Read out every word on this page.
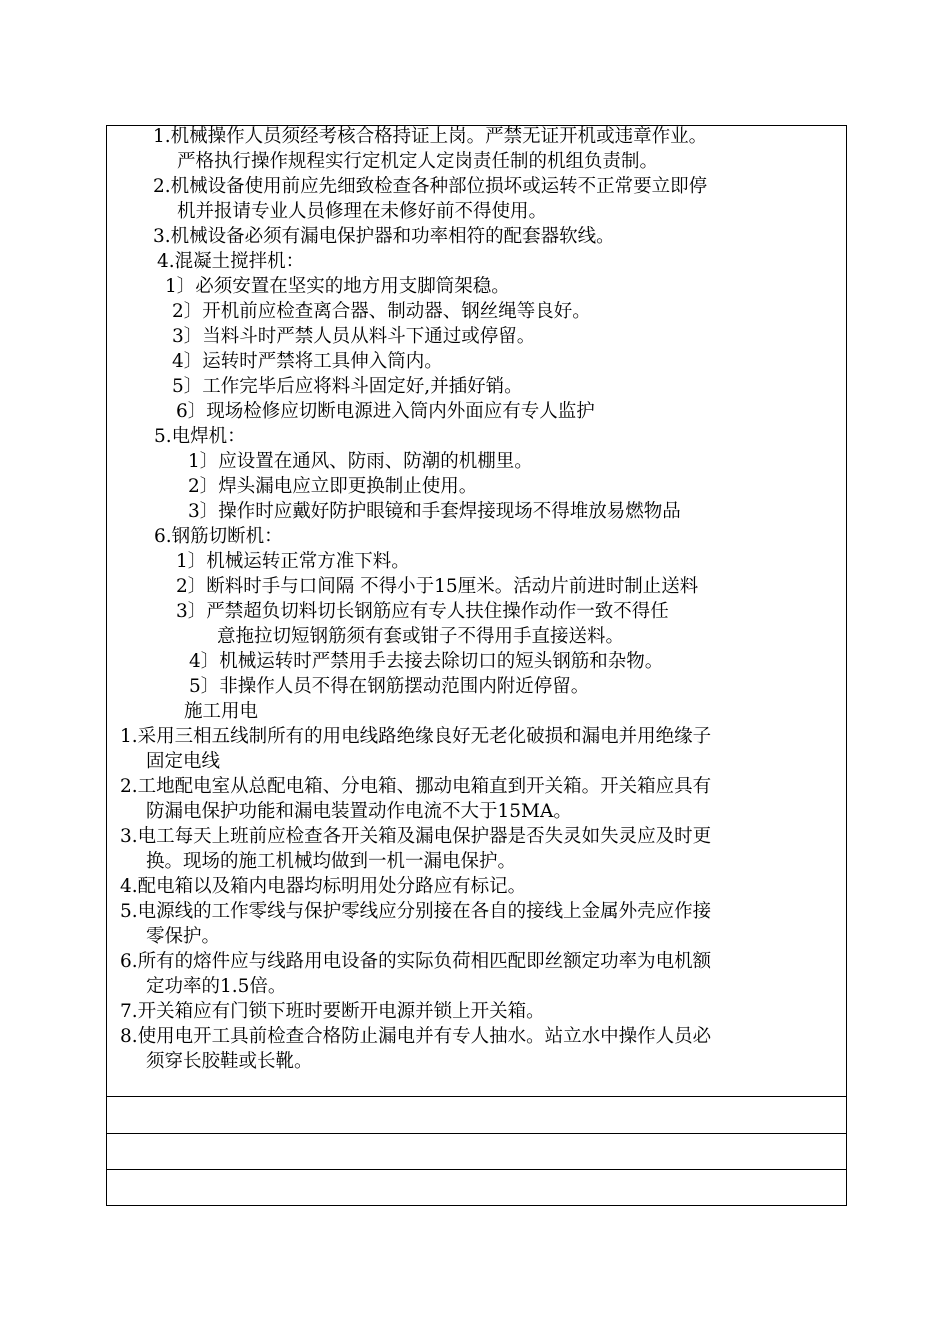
1.机械操作人员须经考核合格持证上岗。严禁无证开机或违章作业。
严格执行操作规程实行定机定人定岗责任制的机组负责制。
2.机械设备使用前应先细致检查各种部位损坏或运转不正常要立即停
机并报请专业人员修理在未修好前不得使用。
3.机械设备必须有漏电保护器和功率相符的配套器软线。
4.混凝土搅拌机：
1〕必须安置在坚实的地方用支脚筒架稳。
2〕开机前应检查离合器、制动器、钢丝绳等良好。
3〕当料斗时严禁人员从料斗下通过或停留。
4〕运转时严禁将工具伸入筒内。
5〕工作完毕后应将料斗固定好,并插好销。
6〕现场检修应切断电源进入筒内外面应有专人监护
5.电焊机：
1〕应设置在通风、防雨、防潮的机棚里。
2〕焊头漏电应立即更换制止使用。
3〕操作时应戴好防护眼镜和手套焊接现场不得堆放易燃物品
6.钢筋切断机：
1〕机械运转正常方准下料。
2〕断料时手与口间隔 不得小于15厘米。活动片前进时制止送料
3〕严禁超负切料切长钢筋应有专人扶住操作动作一致不得任
意拖拉切短钢筋须有套或钳子不得用手直接送料。
4〕机械运转时严禁用手去接去除切口的短头钢筋和杂物。
5〕非操作人员不得在钢筋摆动范围内附近停留。
施工用电
1.采用三相五线制所有的用电线路绝缘良好无老化破损和漏电并用绝缘子
固定电线
2.工地配电室从总配电箱、分电箱、挪动电箱直到开关箱。开关箱应具有
防漏电保护功能和漏电装置动作电流不大于15MA。
3.电工每天上班前应检查各开关箱及漏电保护器是否失灵如失灵应及时更
换。现场的施工机械均做到一机一漏电保护。
4.配电箱以及箱内电器均标明用处分路应有标记。
5.电源线的工作零线与保护零线应分别接在各自的接线上金属外壳应作接
零保护。
6.所有的熔件应与线路用电设备的实际负荷相匹配即丝额定功率为电机额
定功率的1.5倍。
7.开关箱应有门锁下班时要断开电源并锁上开关箱。
8.使用电开工具前检查合格防止漏电并有专人抽水。站立水中操作人员必
须穿长胶鞋或长靴。
